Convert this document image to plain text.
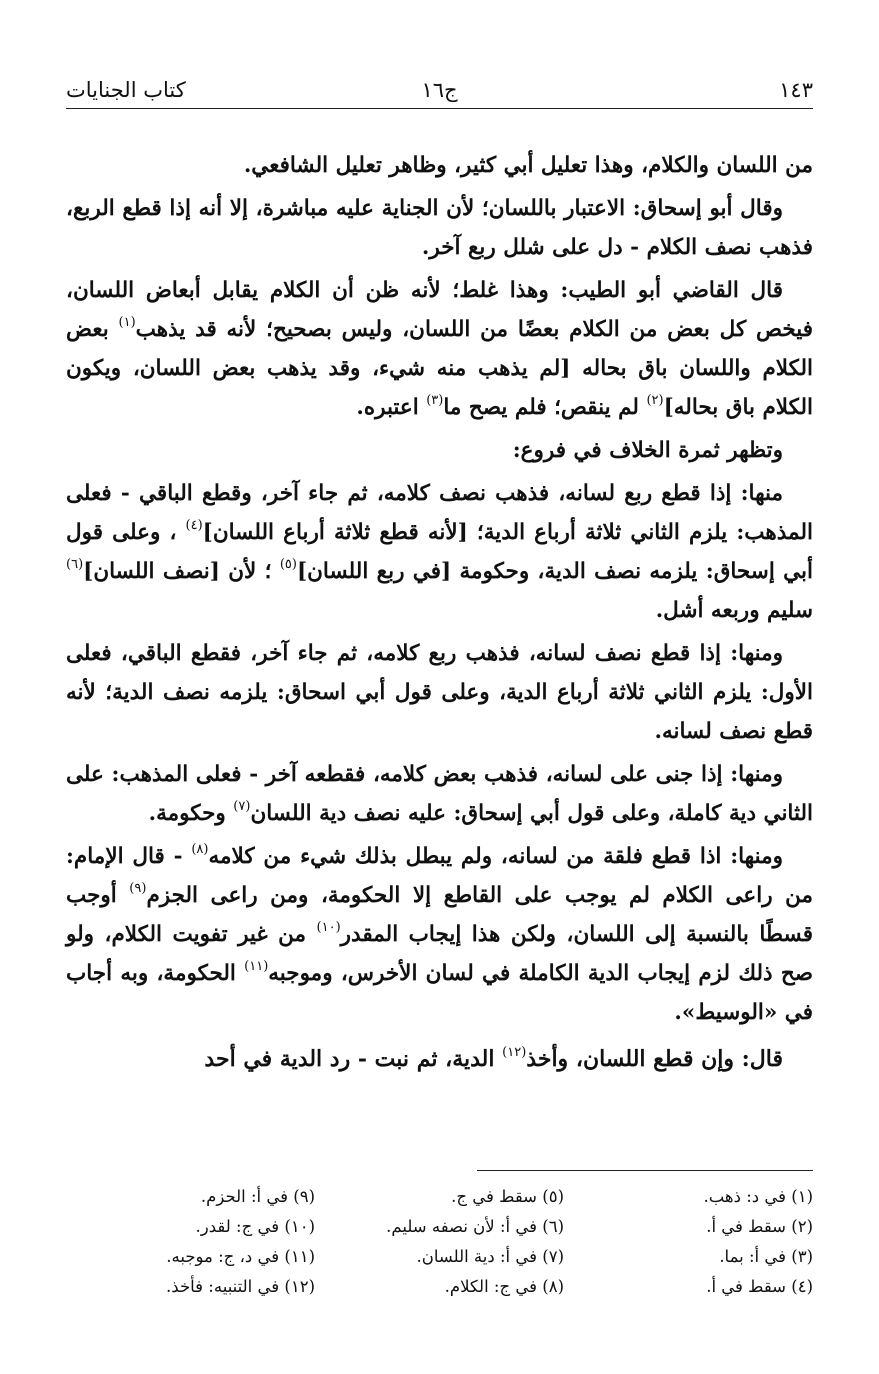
١٤٣
ج١٦
كتاب الجنايات

من اللسان والكلام، وهذا تعليل أبي كثير، وظاهر تعليل الشافعي.

وقال أبو إسحاق: الاعتبار باللسان؛ لأن الجناية عليه مباشرة، إلا أنه إذا قطع الربع، فذهب نصف الكلام - دل على شلل ربع آخر.

قال القاضي أبو الطيب: وهذا غلط؛ لأنه ظن أن الكلام يقابل أبعاض اللسان، فيخص كل بعض من الكلام بعضًا من اللسان، وليس بصحيح؛ لأنه قد يذهب$^{(١)}$ بعض الكلام واللسان باق بحاله [لم يذهب منه شيء، وقد يذهب بعض اللسان، ويكون الكلام باق بحاله]$^{(٢)}$ لم ينقص؛ فلم يصح ما$^{(٣)}$ اعتبره.

وتظهر ثمرة الخلاف في فروع:

منها: إذا قطع ربع لسانه، فذهب نصف كلامه، ثم جاء آخر، وقطع الباقي - فعلى المذهب: يلزم الثاني ثلاثة أرباع الدية؛ [لأنه قطع ثلاثة أرباع اللسان]$^{(٤)}$ ، وعلى قول أبي إسحاق: يلزمه نصف الدية، وحكومة [في ربع اللسان]$^{(٥)}$ ؛ لأن [نصف اللسان]$^{(٦)}$ سليم وربعه أشل.

ومنها: إذا قطع نصف لسانه، فذهب ربع كلامه، ثم جاء آخر، فقطع الباقي، فعلى الأول: يلزم الثاني ثلاثة أرباع الدية، وعلى قول أبي اسحاق: يلزمه نصف الدية؛ لأنه قطع نصف لسانه.

ومنها: إذا جنى على لسانه، فذهب بعض كلامه، فقطعه آخر - فعلى المذهب: على الثاني دية كاملة، وعلى قول أبي إسحاق: عليه نصف دية اللسان$^{(٧)}$ وحكومة.

ومنها: اذا قطع فلقة من لسانه، ولم يبطل بذلك شيء من كلامه$^{(٨)}$ - قال الإمام: من راعى الكلام لم يوجب على القاطع إلا الحكومة، ومن راعى الجزم$^{(٩)}$ أوجب قسطًا بالنسبة إلى اللسان، ولكن هذا إيجاب المقدر$^{(١٠)}$ من غير تفويت الكلام، ولو صح ذلك لزم إيجاب الدية الكاملة في لسان الأخرس، وموجبه$^{(١١)}$ الحكومة، وبه أجاب في «الوسيط».

قال: وإن قطع اللسان، وأخذ$^{(١٢)}$ الدية، ثم نبت - رد الدية في أحد

(١) في د: ذهب.
(٢) سقط في أ.
(٣) في أ: بما.
(٤) سقط في أ.
(٥) سقط في ج.
(٦) في أ: لأن نصفه سليم.
(٧) في أ: دية اللسان.
(٨) في ج: الكلام.
(٩) في أ: الحزم.
(١٠) في ج: لقدر.
(١١) في د، ج: موجبه.
(١٢) في التنبيه: فأخذ.
